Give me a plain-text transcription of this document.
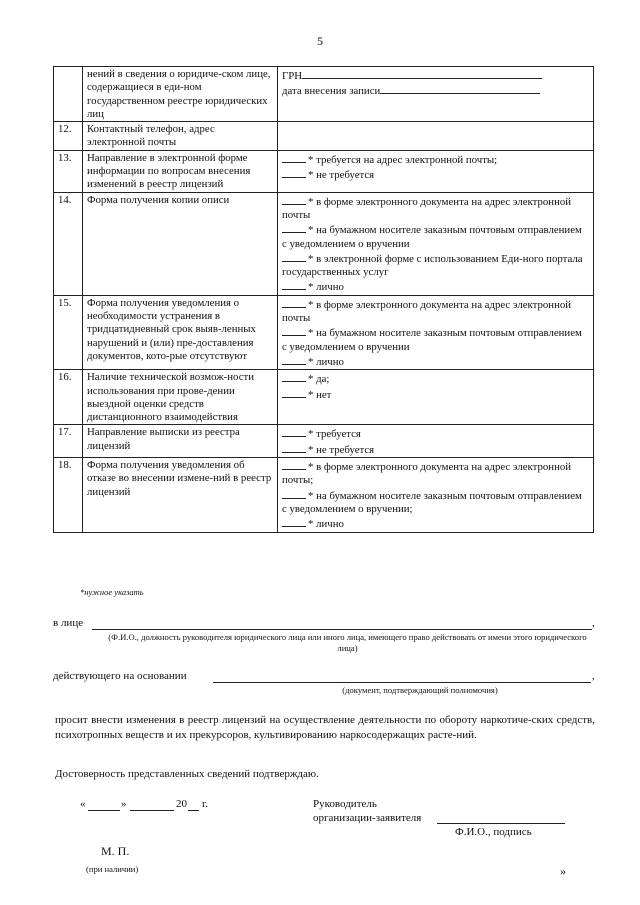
5
	нений в сведения о юридиче-ском лице, содержащиеся в еди-ном государственном реестре юридических лиц	ГРН
дата внесения записи

12.	Контактный телефон, адрес электронной почты	
13.	Направление в электронной форме информации по вопросам внесения изменений в реестр лицензий	* требуется на адрес электронной почты;
* не требуется

14.	Форма получения копии описи	* в форме электронного документа на адрес электронной почты
* на бумажном носителе заказным почтовым отправлением с уведомлением о вручении
* в электронной форме с использованием Еди-ного портала государственных услуг
* лично

15.	Форма получения уведомления о необходимости устранения в тридцатидневный срок выяв-ленных нарушений и (или) пре-доставления документов, кото-рые отсутствуют	* в форме электронного документа на адрес электронной почты
* на бумажном носителе заказным почтовым отправлением с уведомлением о вручении
* лично

16.	Наличие технической возмож-ности использования при прове-дении выездной оценки средств дистанционного взаимодействия	* да;
* нет

17.	Направление выписки из реестра лицензий	* требуется
* не требуется

18.	Форма получения уведомления об отказе во внесении измене-ний в реестр лицензий	* в форме электронного документа на адрес электронной почты;
* на бумажном носителе заказным почтовым отправлением с уведомлением о вручении;
* лично
*нужное указать
в лице	,
(Ф.И.О., должность руководителя юридического лица или иного лица, имеющего право действовать от имени этого юридического лица)
действующего на основании	,
(документ, подтверждающий полномочия)
просит внести изменения в реестр лицензий на осуществление деятельности по обороту наркотиче-ских средств, психотропных веществ и их прекурсоров, культивированию наркосодержащих расте-ний.
Достоверность представленных сведений подтверждаю.
«	»	20 г.	Руководитель
организации-заявителя
Ф.И.О., подпись
М. П.
(при наличии)	»
